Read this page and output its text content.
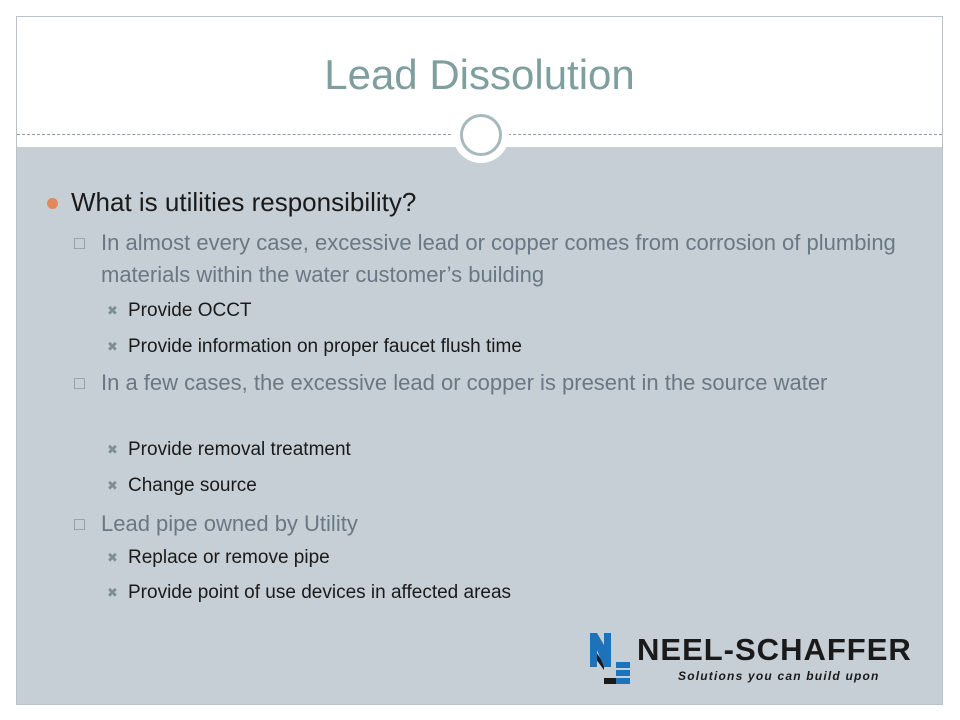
Lead Dissolution
What is utilities responsibility?
□ In almost every case, excessive lead or copper comes from corrosion of plumbing materials within the water customer’s building
✖ Provide OCCT
✖ Provide information on proper faucet flush time
□ In a few cases, the excessive lead or copper is present in the source water
✖ Provide removal treatment
✖ Change source
□ Lead pipe owned by Utility
✖ Replace or remove pipe
✖ Provide point of use devices in affected areas
NEEL-SCHAFFER
Solutions you can build upon
